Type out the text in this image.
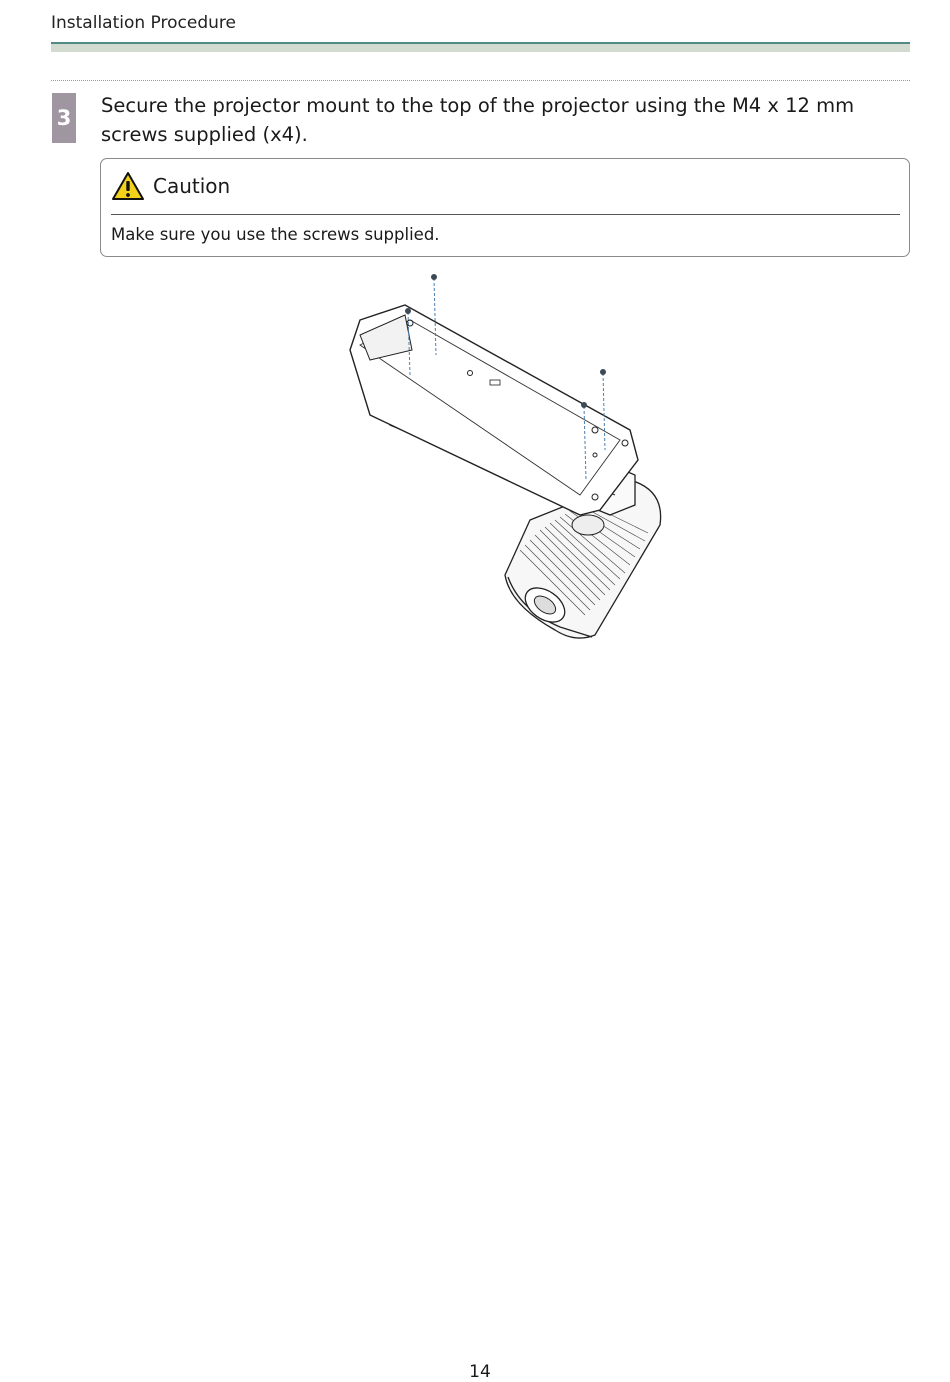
Installation Procedure
3
Secure the projector mount to the top of the projector using the M4 x 12 mm screws supplied (x4).
Caution
Make sure you use the screws supplied.
14
